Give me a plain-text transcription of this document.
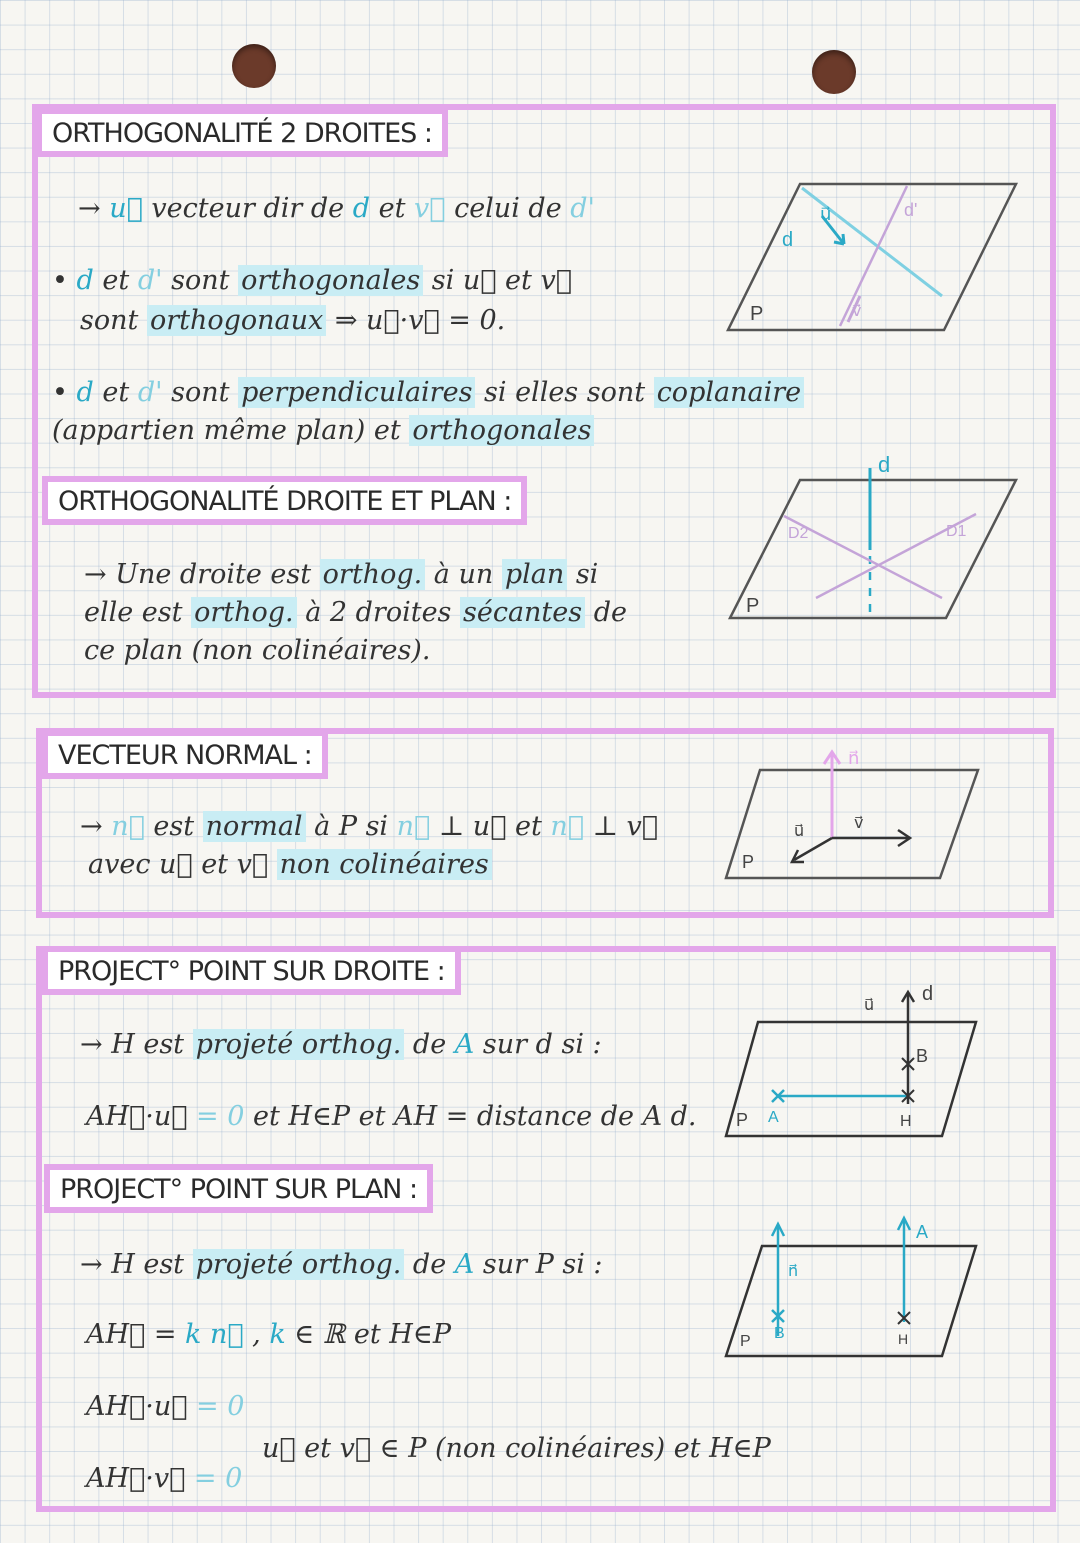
ORTHOGONALITÉ 2 DROITES :
→ u⃗ vecteur dir de d et v⃗ celui de d'
• d et d' sont orthogonales si u⃗ et v⃗
sont orthogonaux ⇒ u⃗·v⃗ = 0.
• d et d' sont perpendiculaires si elles sont coplanaire
(appartien même plan) et orthogonales
d
u⃗	d'
v⃗
P
ORTHOGONALITÉ DROITE ET PLAN :
→ Une droite est orthog. à un plan si
elle est orthog. à 2 droites sécantes de
ce plan (non colinéaires).
d
D2	D1
P
VECTEUR NORMAL :
→ n⃗ est normal à P si n⃗ ⊥ u⃗ et n⃗ ⊥ v⃗
avec u⃗ et v⃗ non colinéaires
n⃗
u⃗	v⃗
P
PROJECT° POINT SUR DROITE :
→ H est projeté orthog. de A sur d si :
AH⃗·u⃗ = 0 et H∈P et AH = distance de A d.
u⃗
d
B
P A	H
PROJECT° POINT SUR PLAN :
→ H est projeté orthog. de A sur P si :
AH⃗ = k n⃗ , k ∈ ℝ et H∈P
AH⃗·u⃗ = 0
u⃗ et v⃗ ∈ P (non colinéaires) et H∈P
AH⃗·v⃗ = 0
n⃗
A
P B	H
